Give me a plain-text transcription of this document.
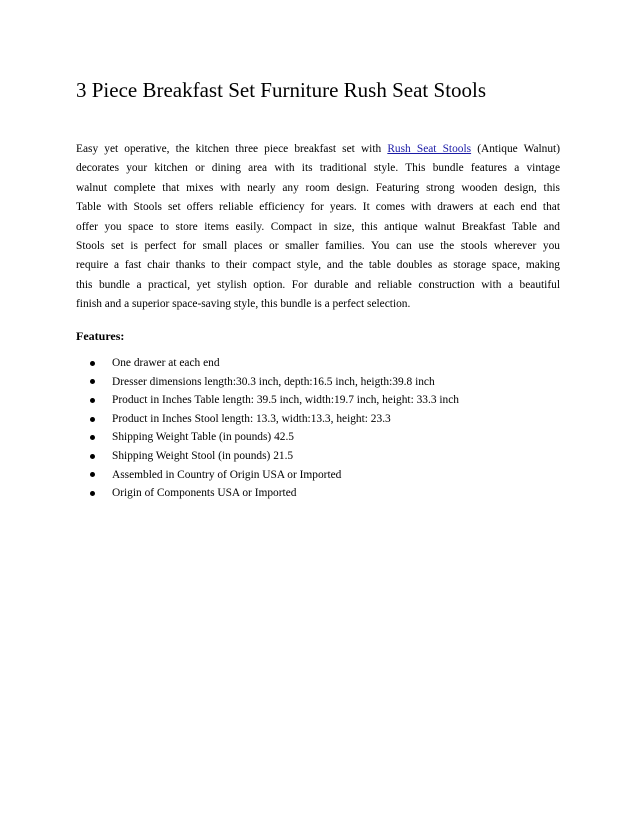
3 Piece Breakfast Set Furniture Rush Seat Stools

Easy yet operative, the kitchen three piece breakfast set with Rush Seat Stools (Antique Walnut)
decorates your kitchen or dining area with its traditional style. This bundle features a vintage
walnut complete that mixes with nearly any room design. Featuring strong wooden design, this
Table with Stools set offers reliable efficiency for years. It comes with drawers at each end that
offer you space to store items easily. Compact in size, this antique walnut Breakfast Table and
Stools set is perfect for small places or smaller families. You can use the stools wherever you
require a fast chair thanks to their compact style, and the table doubles as storage space, making
this bundle a practical, yet stylish option. For durable and reliable construction with a beautiful
finish and a superior space-saving style, this bundle is a perfect selection.

Features:
One drawer at each end
Dresser dimensions length:30.3 inch, depth:16.5 inch, heigth:39.8 inch
Product in Inches Table length: 39.5 inch, width:19.7 inch, height: 33.3 inch
Product in Inches Stool length: 13.3, width:13.3, height: 23.3
Shipping Weight Table (in pounds) 42.5
Shipping Weight Stool (in pounds) 21.5
Assembled in Country of Origin USA or Imported
Origin of Components USA or Imported
